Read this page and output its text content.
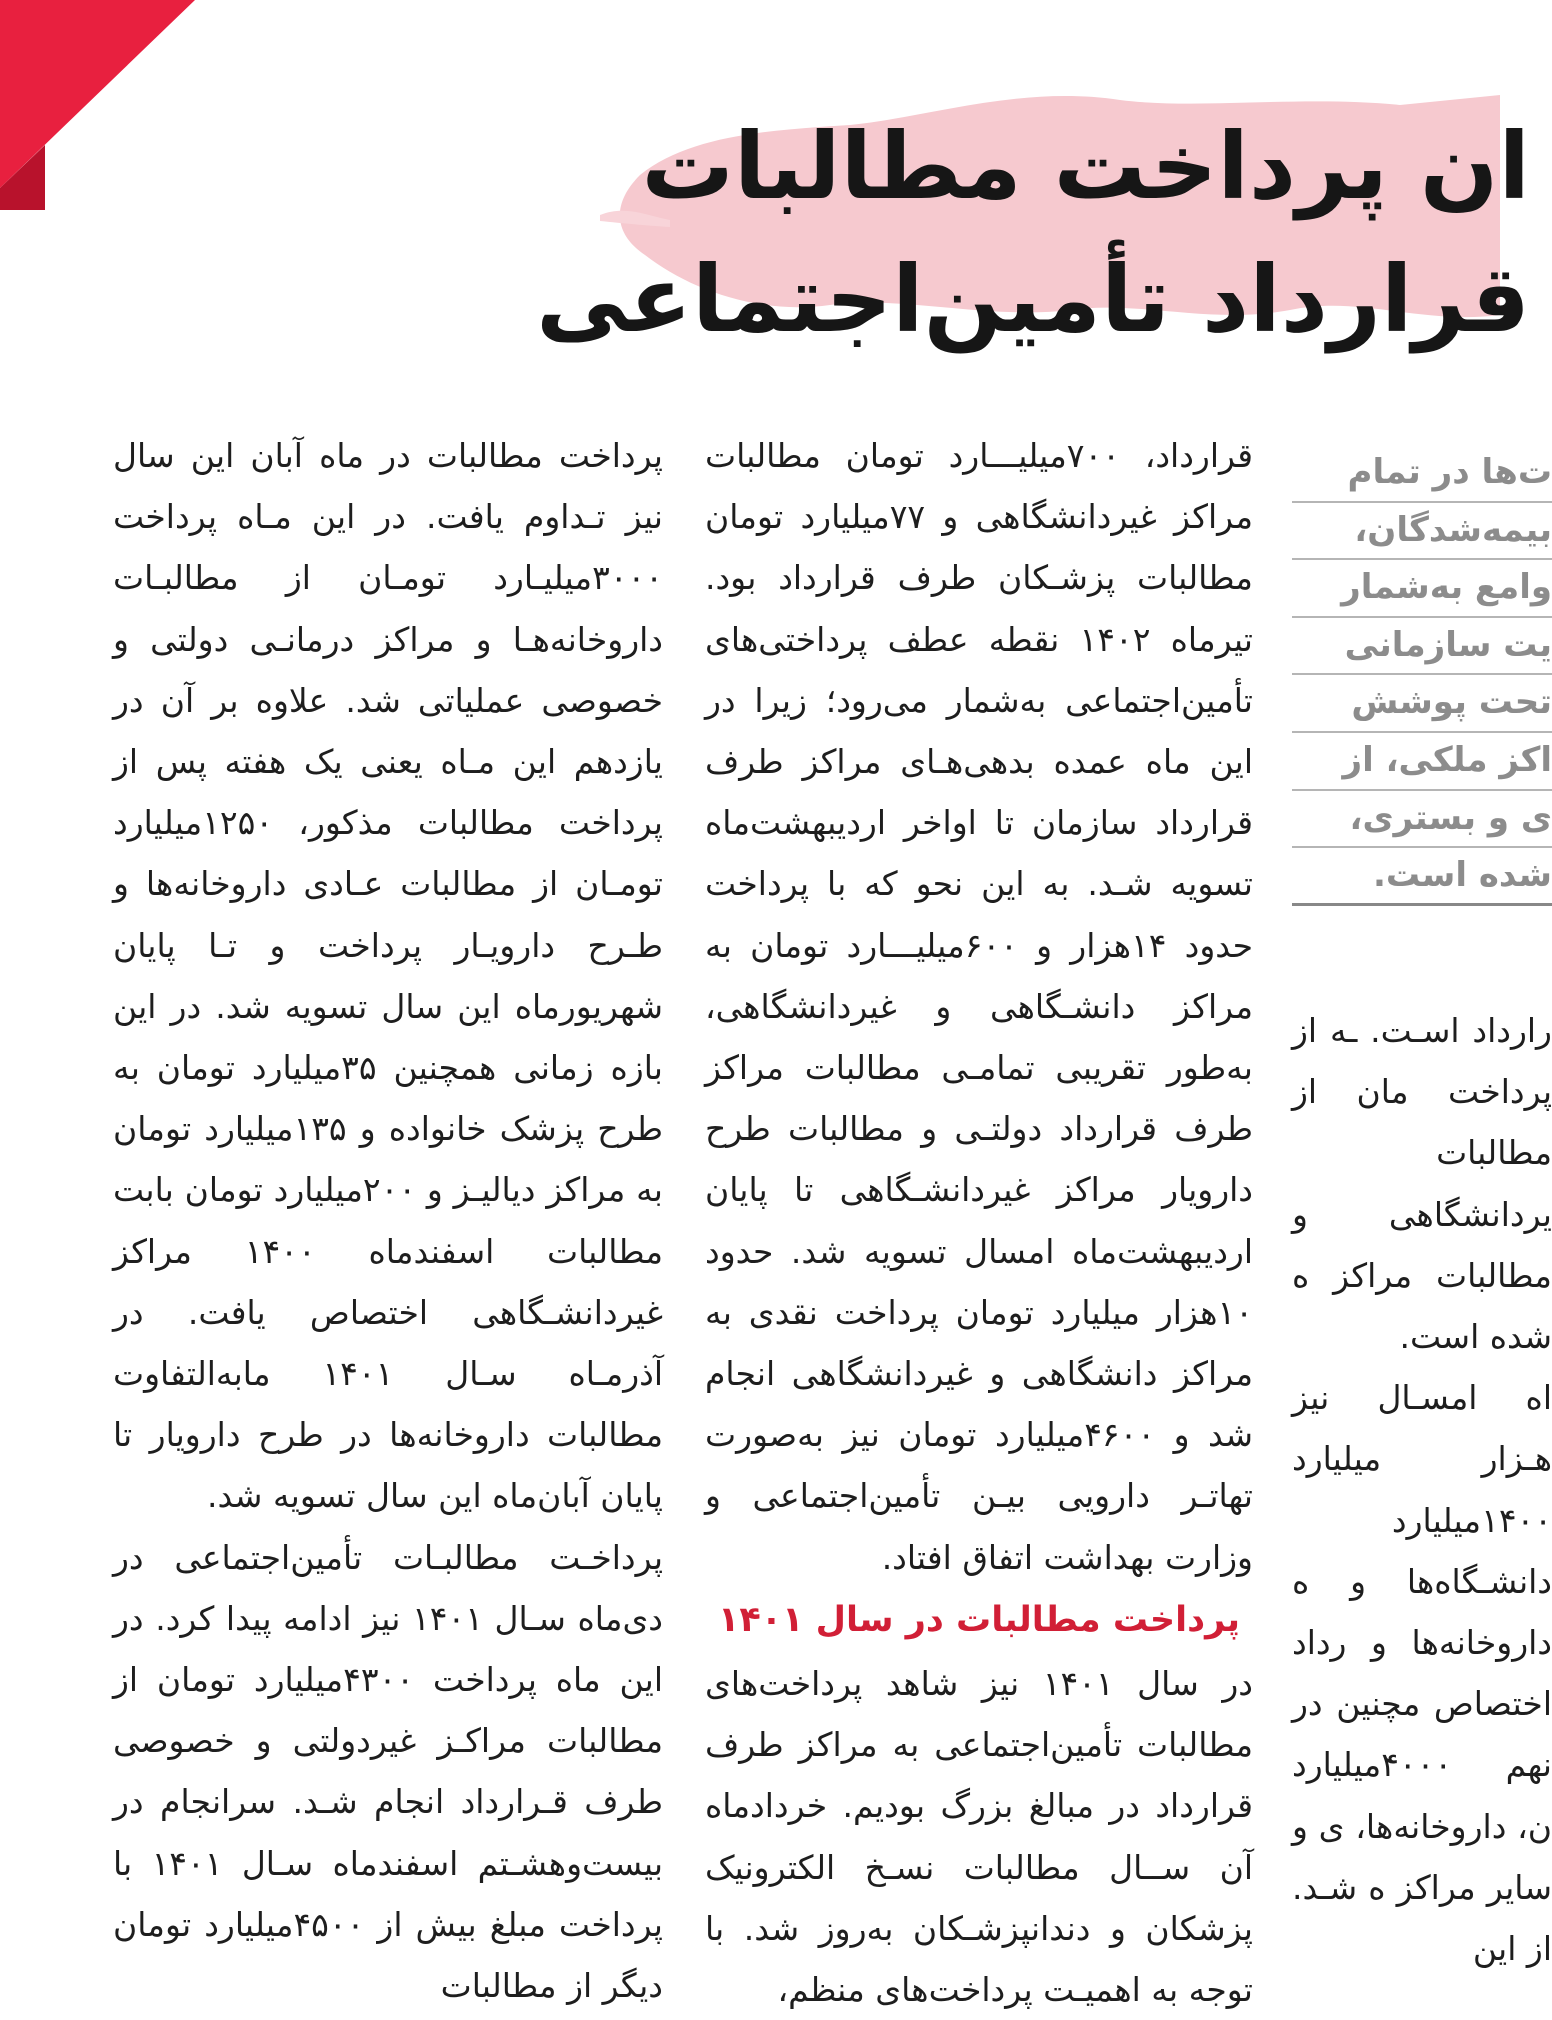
ان پرداخت مطالبات
قرارداد تأمین‌اجتماعی
ت‌ها در تمام
بیمه‌شدگان،
وامع به‌شمار
یت سازمانی
تحت پوشش
اکز ملکی، از
ی و بستری،
شده است.

رارداد اسـت. ـه از پرداخت مان از مطالبات یردانشگاهی و مطالبات مراکز ه شده است.

اه امسـال نیز هـزار میلیارد ۱۴۰۰میلیارد دانشـگاه‌ها و ه داروخانه‌ها و رداد اختصاص مچنین در نهم ۴۰۰۰میلیارد ن، داروخانه‌ها، ی و سایر مراکز ه شـد. از این

قرارداد، ۷۰۰میلیـــارد تومان مطالبات مراکز غیردانشگاهی و ۷۷میلیارد تومان مطالبات پزشـکان طرف قرارداد بود. تیرماه ۱۴۰۲ نقطه عطف پرداختی‌های تأمین‌اجتماعی به‌شمار می‌رود؛ زیرا در این ماه عمده بدهی‌هـای مراکز طرف قرارداد سازمان تا اواخر اردیبهشت‌ماه تسویه شـد. به این نحو که با پرداخت حدود ۱۴هزار و ۶۰۰میلیـــارد تومان به مراکز دانشـگاهی و غیردانشگاهی، به‌طور تقریبی تمامـی مطالبات مراکز طرف قرارداد دولتـی و مطالبات طرح دارویار مراکز غیردانشـگاهی تا پایان اردیبهشت‌ماه امسال تسویه شد. حدود ۱۰هزار میلیارد تومان پرداخت نقدی به مراکز دانشگاهی و غیردانشگاهی انجام شد و ۴۶۰۰میلیارد تومان نیز به‌صورت تهاتـر دارویی بیـن تأمین‌اجتماعی و وزارت بهداشت اتفاق افتاد.

پرداخت مطالبات در سال ۱۴۰۱

در سال ۱۴۰۱ نیز شاهد پرداخت‌های مطالبات تأمین‌اجتماعی به مراکز طرف قرارداد در مبالغ بزرگ بودیم. خردادماه آن ســال مطالبات نسـخ الکترونیک پزشکان و دندانپزشـکان به‌روز شد. با توجه به اهمیـت پرداخت‌های منظم،

پرداخت مطالبات در ماه آبان این سال نیز تـداوم یافت. در این مـاه پرداخت ۳۰۰۰میلیـارد تومـان از مطالبـات داروخانه‌هـا و مراکز درمانـی دولتی و خصوصی عملیاتی شد. علاوه بر آن در یازدهم این مـاه یعنی یک هفته پس از پرداخت مطالبات مذکور، ۱۲۵۰میلیارد تومـان از مطالبات عـادی داروخانه‌ها و طـرح دارویـار پرداخت و تـا پایان شهریورماه این سال تسویه شد. در این بازه زمانی همچنین ۳۵میلیارد تومان به طرح پزشک خانواده و ۱۳۵میلیارد تومان به مراکز دیالیـز و ۲۰۰میلیارد تومان بابت مطالبات اسفندماه ۱۴۰۰ مراکز غیردانشـگاهی اختصاص یافت. در آذرمـاه سـال ۱۴۰۱ مابه‌التفاوت مطالبات داروخانه‌ها در طرح دارویار تا پایان آبان‌ماه این سال تسویه شد.

پرداخـت مطالبـات تأمین‌اجتماعی در دی‌ماه سـال ۱۴۰۱ نیز ادامه پیدا کرد. در این ماه پرداخت ۴۳۰۰میلیارد تومان از مطالبات مراکـز غیردولتی و خصوصی طرف قـرارداد انجام شـد. سرانجام در بیست‌وهشـتم اسفندماه سـال ۱۴۰۱ با پرداخت مبلغ بیش از ۴۵۰۰میلیارد تومان دیگر از مطالبات
